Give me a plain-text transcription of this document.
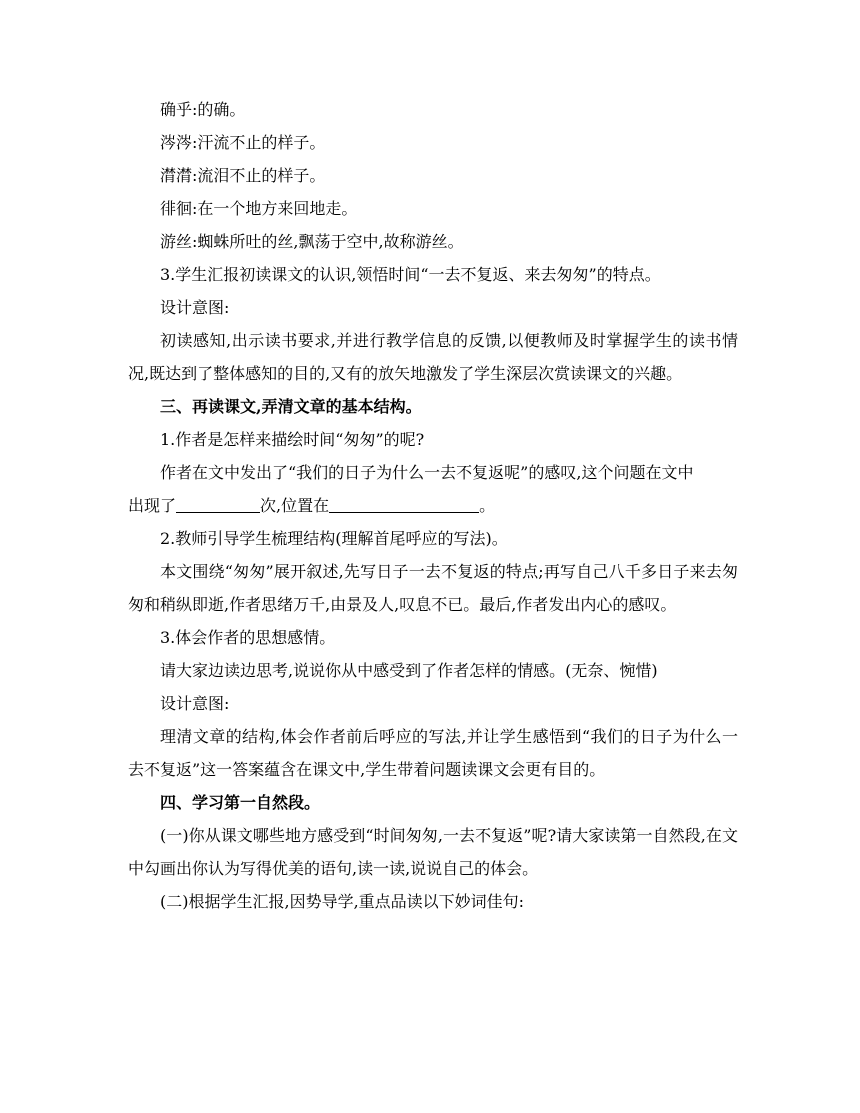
确乎:的确。
涔涔:汗流不止的样子。
潸潸:流泪不止的样子。
徘徊:在一个地方来回地走。
游丝:蜘蛛所吐的丝,飘荡于空中,故称游丝。
3.学生汇报初读课文的认识,领悟时间“一去不复返、来去匆匆”的特点。
设计意图:
初读感知,出示读书要求,并进行教学信息的反馈,以便教师及时掌握学生的读书情况,既达到了整体感知的目的,又有的放矢地激发了学生深层次赏读课文的兴趣。
三、再读课文,弄清文章的基本结构。
1.作者是怎样来描绘时间“匆匆”的呢?
作者在文中发出了“我们的日子为什么一去不复返呢”的感叹,这个问题在文中
出现了	次,位置在	。
2.教师引导学生梳理结构(理解首尾呼应的写法)。
本文围绕“匆匆”展开叙述,先写日子一去不复返的特点;再写自己八千多日子来去匆匆和稍纵即逝,作者思绪万千,由景及人,叹息不已。最后,作者发出内心的感叹。
3.体会作者的思想感情。
请大家边读边思考,说说你从中感受到了作者怎样的情感。(无奈、惋惜)
设计意图:
理清文章的结构,体会作者前后呼应的写法,并让学生感悟到“我们的日子为什么一去不复返”这一答案蕴含在课文中,学生带着问题读课文会更有目的。
四、学习第一自然段。
(一)你从课文哪些地方感受到“时间匆匆,一去不复返”呢?请大家读第一自然段,在文中勾画出你认为写得优美的语句,读一读,说说自己的体会。
(二)根据学生汇报,因势导学,重点品读以下妙词佳句:
